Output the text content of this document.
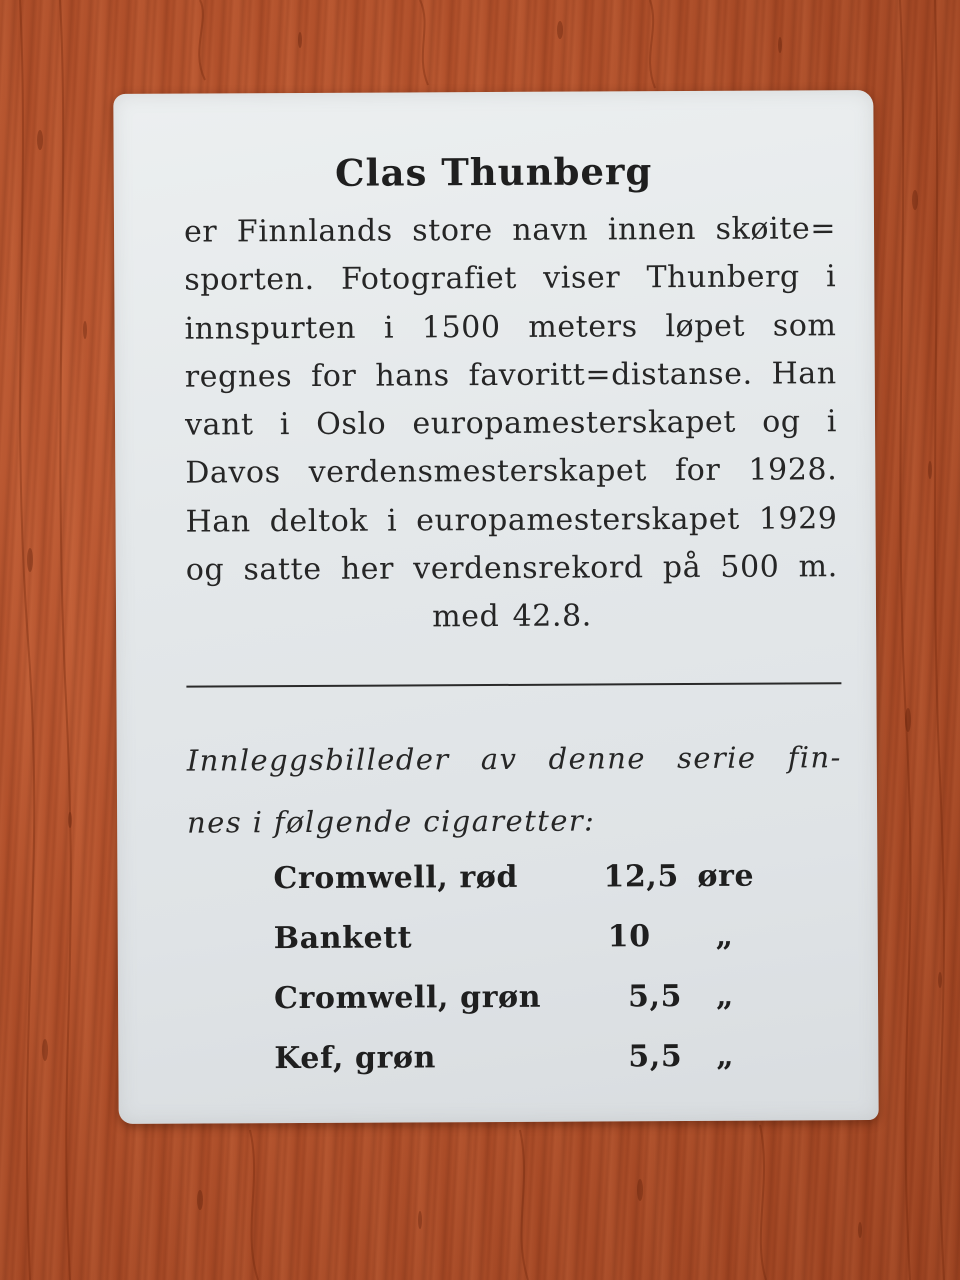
Clas Thunberg
er Finnlands store navn innen skøite=
sporten. Fotografiet viser Thunberg i
innspurten i 1500 meters løpet som
regnes for hans favoritt=distanse. Han
vant i Oslo europamesterskapet og i
Davos verdensmesterskapet for 1928.
Han deltok i europamesterskapet 1929
og satte her verdensrekord på 500 m.
med 42.8.
Innleggsbilleder av denne serie fin-
nes i følgende cigaretter:
Cromwell, rød	12,5 øre
Bankett	10 „
Cromwell, grøn	5,5 „
Kef, grøn	5,5 „
